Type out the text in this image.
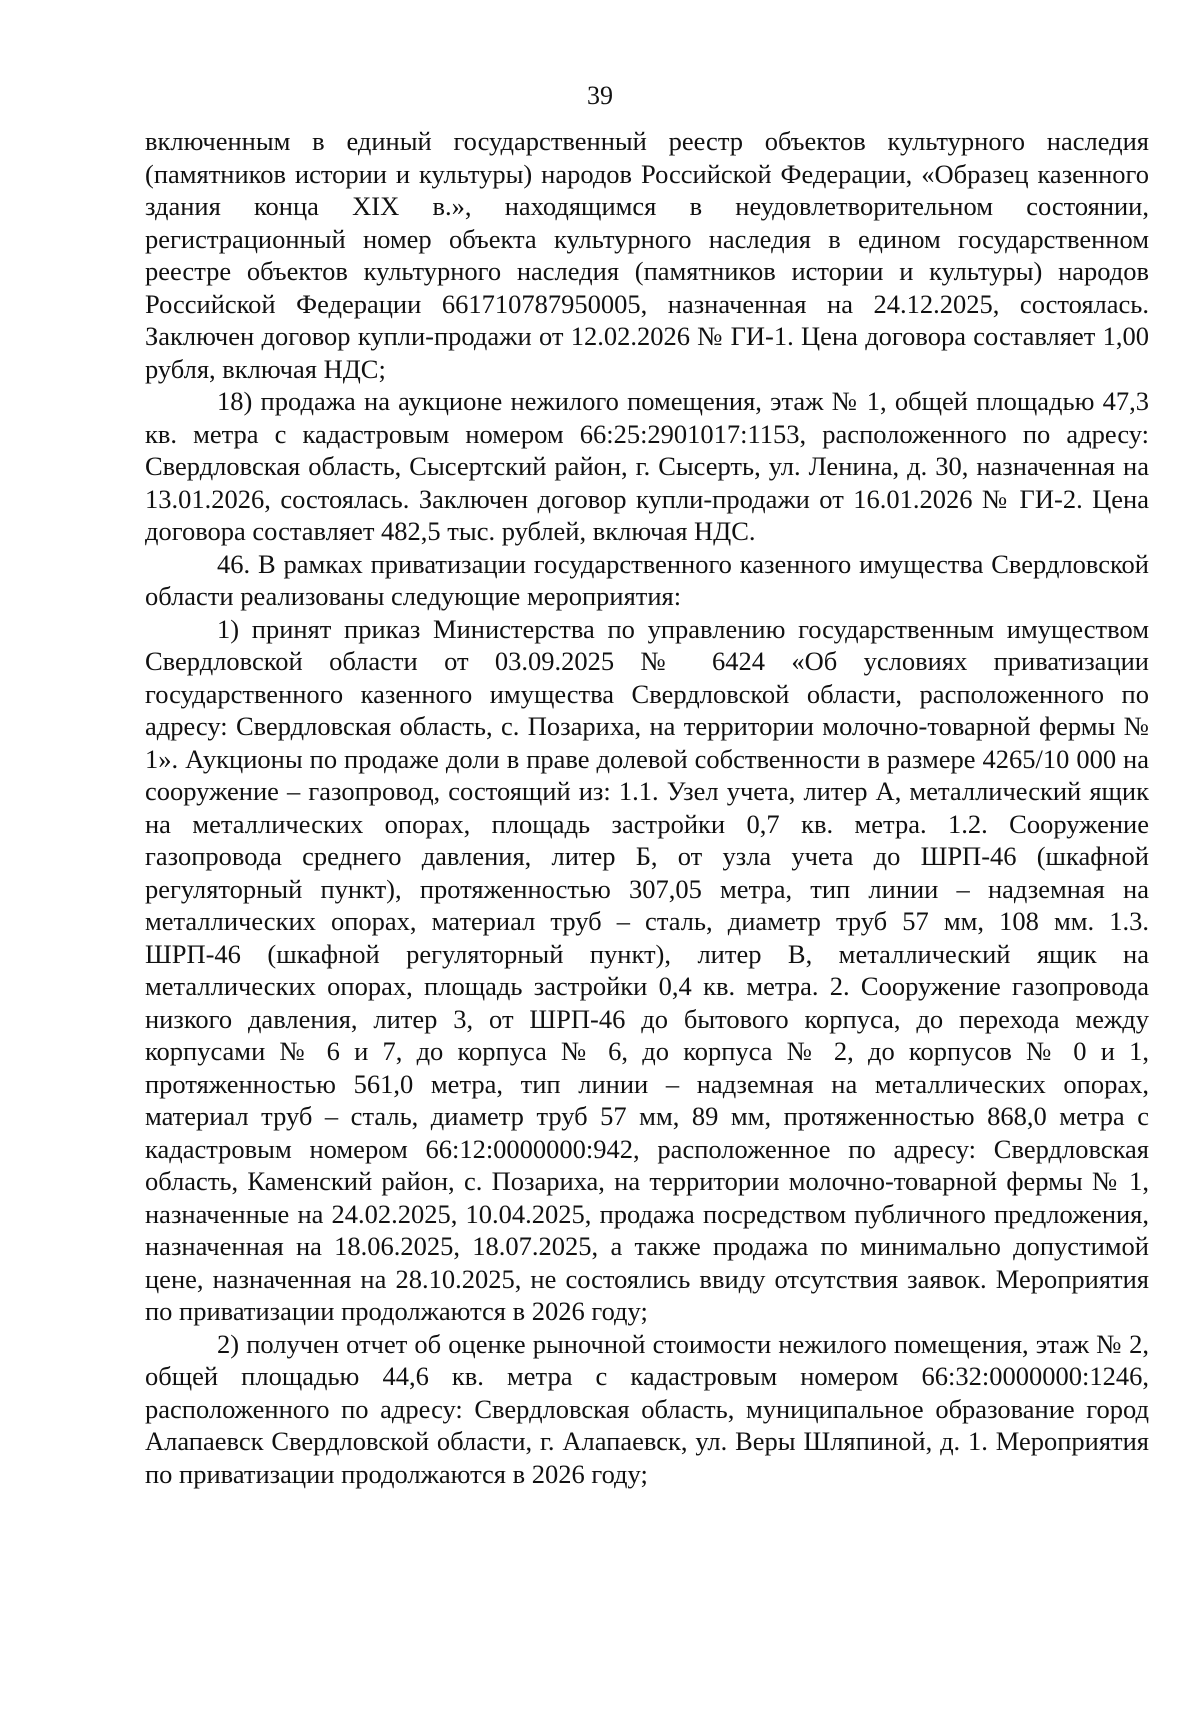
39

включенным в единый государственный реестр объектов культурного наследия (памятников истории и культуры) народов Российской Федерации, «Образец казенного здания конца XIX в.», находящимся в неудовлетворительном состоянии, регистрационный номер объекта культурного наследия в едином государственном реестре объектов культурного наследия (памятников истории и культуры) народов Российской Федерации 661710787950005, назначенная на 24.12.2025, состоялась. Заключен договор купли-продажи от 12.02.2026 № ГИ-1. Цена договора составляет 1,00 рубля, включая НДС;

18) продажа на аукционе нежилого помещения, этаж № 1, общей площадью 47,3 кв. метра с кадастровым номером 66:25:2901017:1153, расположенного по адресу: Свердловская область, Сысертский район, г. Сысерть, ул. Ленина, д. 30, назначенная на 13.01.2026, состоялась. Заключен договор купли-продажи от 16.01.2026 № ГИ-2. Цена договора составляет 482,5 тыс. рублей, включая НДС.

46. В рамках приватизации государственного казенного имущества Свердловской области реализованы следующие мероприятия:

1) принят приказ Министерства по управлению государственным имуществом Свердловской области от 03.09.2025 № 6424 «Об условиях приватизации государственного казенного имущества Свердловской области, расположенного по адресу: Свердловская область, с. Позариха, на территории молочно-товарной фермы № 1». Аукционы по продаже доли в праве долевой собственности в размере 4265/10 000 на сооружение – газопровод, состоящий из: 1.1. Узел учета, литер А, металлический ящик на металлических опорах, площадь застройки 0,7 кв. метра. 1.2. Сооружение газопровода среднего давления, литер Б, от узла учета до ШРП-46 (шкафной регуляторный пункт), протяженностью 307,05 метра, тип линии – надземная на металлических опорах, материал труб – сталь, диаметр труб 57 мм, 108 мм. 1.3. ШРП-46 (шкафной регуляторный пункт), литер В, металлический ящик на металлических опорах, площадь застройки 0,4 кв. метра. 2. Сооружение газопровода низкого давления, литер 3, от ШРП-46 до бытового корпуса, до перехода между корпусами № 6 и 7, до корпуса № 6, до корпуса № 2, до корпусов № 0 и 1, протяженностью 561,0 метра, тип линии – надземная на металлических опорах, материал труб – сталь, диаметр труб 57 мм, 89 мм, протяженностью 868,0 метра с кадастровым номером 66:12:0000000:942, расположенное по адресу: Свердловская область, Каменский район, с. Позариха, на территории молочно-товарной фермы № 1, назначенные на 24.02.2025, 10.04.2025, продажа посредством публичного предложения, назначенная на 18.06.2025, 18.07.2025, а также продажа по минимально допустимой цене, назначенная на 28.10.2025, не состоялись ввиду отсутствия заявок. Мероприятия по приватизации продолжаются в 2026 году;

2) получен отчет об оценке рыночной стоимости нежилого помещения, этаж № 2, общей площадью 44,6 кв. метра с кадастровым номером 66:32:0000000:1246, расположенного по адресу: Свердловская область, муниципальное образование город Алапаевск Свердловской области, г. Алапаевск, ул. Веры Шляпиной, д. 1. Мероприятия по приватизации продолжаются в 2026 году;
